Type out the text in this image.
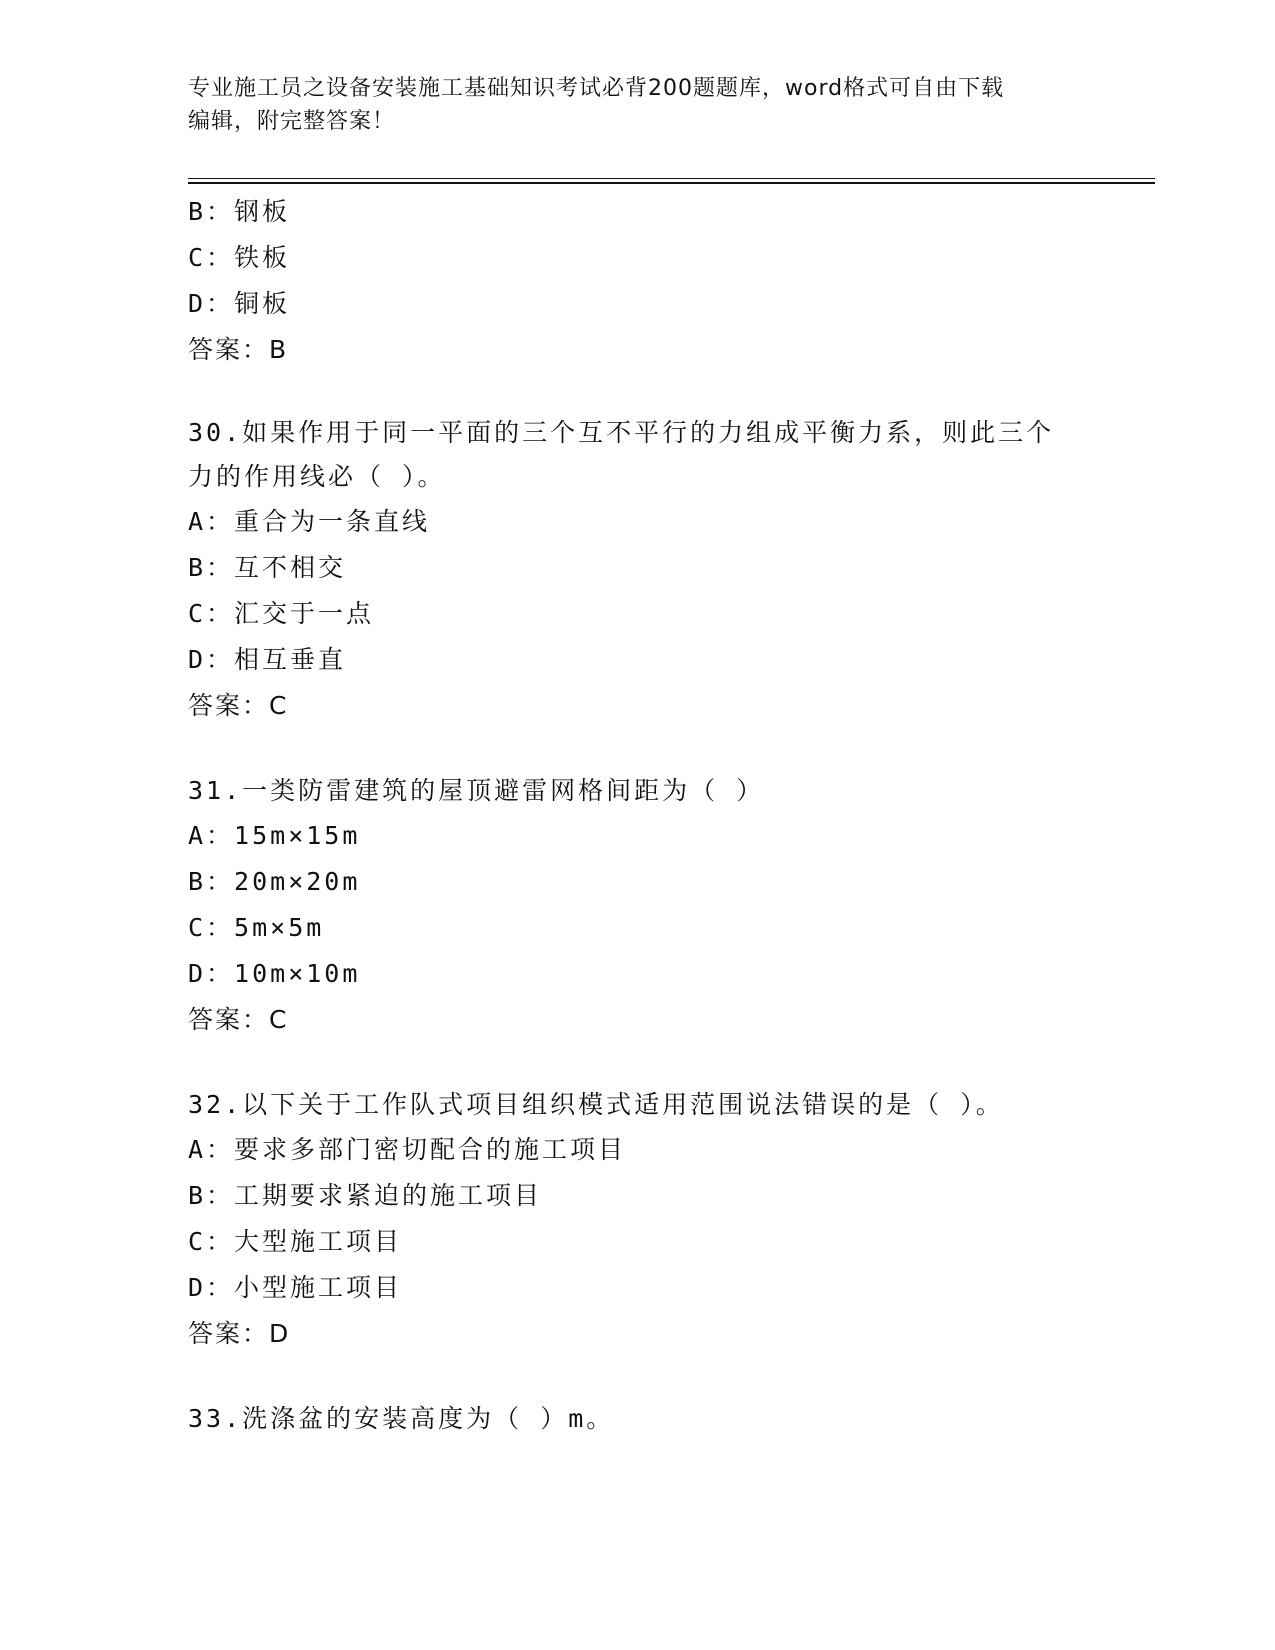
专业施工员之设备安装施工基础知识考试必背200题题库，word格式可自由下载
编辑，附完整答案！
B：钢板
C：铁板
D：铜板
答案：B
30.如果作用于同一平面的三个互不平行的力组成平衡力系，则此三个
力的作用线必（ ）。
A：重合为一条直线
B：互不相交
C：汇交于一点
D：相互垂直
答案：C
31.一类防雷建筑的屋顶避雷网格间距为（ ）
A：15m×15m
B：20m×20m
C：5m×5m
D：10m×10m
答案：C
32.以下关于工作队式项目组织模式适用范围说法错误的是（ ）。
A：要求多部门密切配合的施工项目
B：工期要求紧迫的施工项目
C：大型施工项目
D：小型施工项目
答案：D
33.洗涤盆的安装高度为（ ）m。
